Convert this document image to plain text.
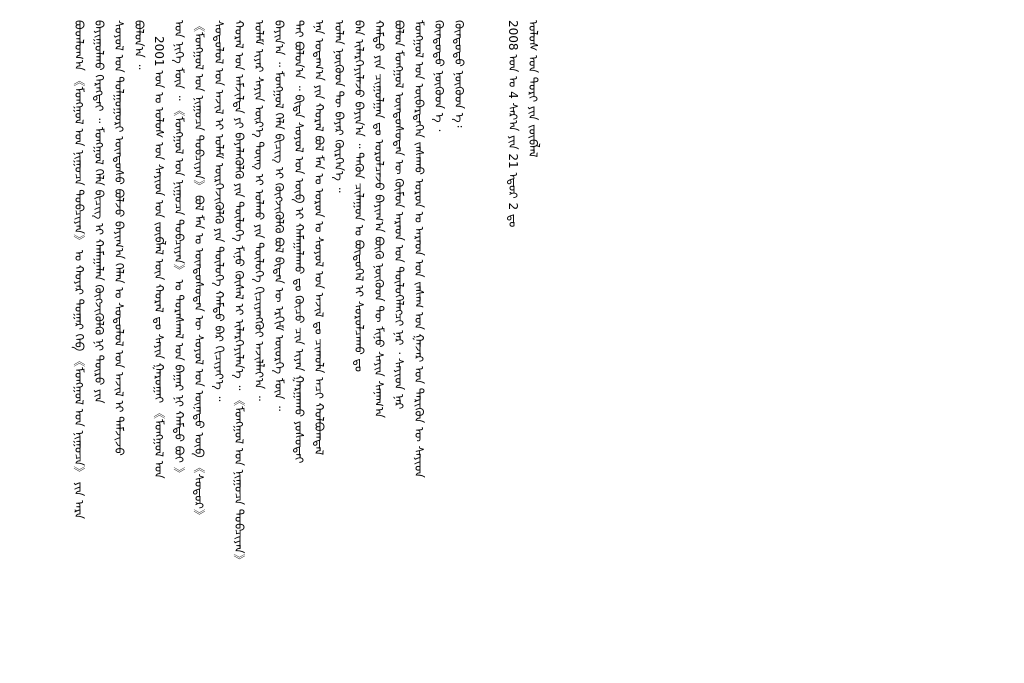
ᠤᠯᠤᠰ ᠤᠨ ᠲᠤᠷᠢ ᠶᠢᠨ ᠵᠦᠪᠯᠡᠯ
2008 ᠣᠨ ᠤ 4 ᠰᠠᠷ᠎ᠠ ᠶᠢᠨ 21 ᠡᠳᠦᠷ 2 ᠳᠤ
ᠬᠦᠨᠳᠦᠲᠦ ᠨᠥᠬᠦᠳ ᠡ᠄
ᠬᠦᠨᠳᠦᠲᠦ ᠨᠥᠬᠦᠳ ᠡ ᠂
ᠮᠣᠩᠭᠣᠯ ᠤᠨ ᠥᠪᠡᠷᠲᠡᠭᠡᠨ ᠵᠠᠰᠠᠬᠤ ᠣᠷᠣᠨ ᠤ ᠠᠷᠠᠳ ᠤᠨ ᠵᠠᠰᠠᠭ ᠤᠨ ᠭᠠᠵᠠᠷ ᠤᠨ ᠲᠡᠷᠢᠭᠦᠨ ᠦ ᠰᠠᠶᠢᠳ
ᠪᠣᠯᠤᠨ ᠮᠣᠩᠭᠣᠯ ᠦᠨᠳᠦᠰᠦᠲᠡᠨ ᠦ ᠬᠦᠮᠦᠨ ᠠᠷᠠᠳ ᠤᠨ ᠲᠥᠯᠥᠭᠡᠯᠡᠭᠴᠢ ᠨᠠᠷ ᠂ ᠰᠠᠶᠢᠳ ᠨᠠᠷ
ᠬᠠᠮᠲᠤ ᠶᠢᠨ ᠴᠢᠭᠤᠯᠭᠠᠨ ᠳᠤ ᠣᠷᠣᠯᠴᠠᠵᠤ ᠪᠠᠶᠢᠭ᠎ᠠ ᠪᠦᠬᠦ ᠨᠥᠬᠥᠳ ᠲᠦ ᠮᠢᠨᠤ ᠰᠠᠶᠢᠨ ᠰᠠᠨᠠᠭ᠎ᠠ
ᠪᠠᠨ ᠢᠯᠡᠷᠬᠡᠶᠢᠯᠡᠵᠦ ᠪᠠᠶᠢᠨ᠎ᠠ ᠃ ᠲᠡᠭᠦᠨ ᠴᠢᠯᠠᠭᠤᠨ ᠤ ᠪᠦᠲᠦᠭᠡᠯ ᠢ ᠰᠤᠷᠤᠯᠴᠠᠬᠤ ᠳᠤ
ᠣᠯᠠᠨ ᠨᠥᠬᠥᠳ ᠲᠦ ᠪᠠᠶᠠᠷ ᠬᠦᠷᠭᠡᠨ᠎ᠡ ᠃
ᠡᠨᠡ ᠤᠳᠠᠭ᠎ᠠ ᠶᠢᠨ ᠬᠤᠷᠠᠯ ᠪᠣᠯ ᠮᠠᠨ ᠤ ᠣᠷᠣᠨ ᠤ ᠰᠤᠶᠤᠯ ᠤᠨ ᠠᠵᠢᠯ ᠳᠤ ᠴᠢᠬᠤᠯᠠ ᠠᠴᠢ ᠬᠣᠯᠪᠣᠭᠳᠠᠯ
ᠲᠠᠢ ᠪᠣᠯᠤᠨ᠎ᠠ ᠃ ᠪᠢᠳᠡ ᠰᠤᠶᠤᠯ ᠤᠨ ᠥᠪ ᠢ ᠬᠠᠮᠠᠭᠠᠯᠠᠬᠤ ᠳᠤ ᠬᠦᠴᠦ ᠴᠢᠨ ᠢᠶᠡᠨ ᠭᠠᠷᠭᠠᠬᠤ ᠶᠣᠰᠣᠲᠠᠢ
ᠪᠠᠶᠢᠨ᠎ᠠ ᠃ ᠮᠣᠩᠭᠣᠯ ᠬᠡᠯᠡ ᠪᠢᠴᠢᠭ ᠢ ᠬᠥᠭᠵᠢᠭᠦᠯᠬᠦ ᠪᠣᠯ ᠪᠢᠳᠡᠨ ᠦ ᠡᠷᠬᠢᠮ ᠦᠦᠷᠭᠡ ᠮᠥᠨ ᠃
ᠤᠯᠠᠮ ᠢᠶᠠᠷ ᠰᠠᠶᠢᠨ ᠦᠷ᠎ᠡ ᠳᠦᠩ ᠢ ᠣᠯᠬᠤ ᠶᠢᠨ ᠲᠥᠯᠥᠭᠡ ᠬᠢᠴᠢᠶᠡᠩᠭᠦᠢ ᠠᠵᠢᠯᠯᠠᠶ᠎ᠠ ᠃
ᠬᠤᠷᠠᠯ ᠤᠨ ᠠᠮᠵᠢᠯᠲᠠ ᠶᠢ ᠪᠡᠶᠡᠯᠡᠭᠦᠯᠬᠦ ᠶᠢᠨ ᠲᠥᠯᠥᠭᠡ ᠮᠢᠨᠤ ᠬᠦᠰᠡᠯ ᠢ ᠢᠯᠡᠷᠬᠡᠶᠢᠯᠡᠨ᠎ᠡ ᠃ 《ᠮᠣᠩᠭᠣᠯ ᠤᠨ ᠨᠢᠭᠤᠴᠠ ᠲᠣᠪᠴᠢᠶᠠᠨ》
ᠰᠤᠳᠤᠯᠤᠯ ᠤᠨ ᠠᠵᠢᠯ ᠢ ᠤᠯᠠᠮ ᠥᠷᠭᠡᠵᠢᠭᠦᠯᠬᠦ ᠶᠢᠨ ᠲᠥᠯᠥᠭᠡ ᠬᠠᠮᠲᠤ ᠪᠡᠷ ᠬᠢᠴᠢᠶᠡᠶ᠎ᠡ ᠃
《ᠮᠣᠩᠭᠣᠯ ᠤᠨ ᠨᠢᠭᠤᠴᠠ ᠲᠣᠪᠴᠢᠶᠠᠨ》 ᠪᠣᠯ ᠮᠠᠨ ᠤ ᠦᠨᠳᠦᠰᠦᠲᠡᠨ ᠦ ᠰᠣᠶᠣᠯ ᠤᠨ ᠦᠨᠡᠲᠦ ᠥᠪ 《ᠰᠤᠳᠤᠷ》
ᠤᠨ ᠨᠢᠭᠡ ᠮᠥᠨ ᠃ 《ᠮᠣᠩᠭᠣᠯ ᠤᠨ ᠨᠢᠭᠤᠴᠠ ᠲᠣᠪᠴᠢᠶᠠᠨ》 ᠤ ᠳᠤᠷᠠᠰᠬᠠᠯ ᠤᠨ ᠪᠠᠭᠠᠷ ᠨᠢ ᠬᠠᠮᠲᠤ ᠪᠤᠢ 》
2001 ᠣᠨ ᠤ ᠤᠯᠤᠰ ᠤᠨ ᠰᠠᠶᠢᠳ ᠤᠨ ᠵᠥᠪᠯᠡᠯ ᠦᠨ ᠬᠤᠷᠠᠯ ᠳᠤ ᠰᠠᠶᠢᠨ ᠭᠠᠷᠤᠭᠠᠢ 《ᠮᠣᠩᠭᠣᠯ ᠤᠨ
ᠪᠣᠯᠤᠨ᠎ᠠ ᠃
ᠰᠤᠶᠤᠯ ᠤᠨ ᠲᠤᠯᠭᠤᠭᠤᠷᠢ ᠦᠨᠳᠦᠰᠦ ᠪᠣᠯᠵᠤ ᠪᠠᠶᠢᠭ᠎ᠠ ᠬᠡᠯᠡᠨ ᠤ ᠰᠤᠳᠤᠯᠤᠯ ᠤᠨ ᠠᠵᠢᠯ ᠢ ᠳᠡᠮᠵᠢᠵᠦ
ᠪᠠᠶᠢᠭᠤᠯᠬᠤ ᠬᠡᠷᠡᠭᠲᠡᠢ ᠃ ᠮᠣᠩᠭᠣᠯ ᠬᠡᠯᠡ ᠪᠢᠴᠢᠭ ᠢ ᠬᠠᠮᠠᠭᠠᠯᠠᠨ ᠬᠥᠭᠵᠢᠭᠦᠯᠬᠦ ᠨᠢ ᠲᠥᠷᠥ ᠶᠢᠨ
ᠪᠣᠳᠯᠣᠭ᠎ᠠ 《ᠮᠣᠩᠭᠣᠯ ᠤᠨ ᠨᠢᠭᠤᠴᠠ ᠲᠣᠪᠴᠢᠶᠠᠨ》 ᠤ ᠬᠣᠶᠠᠷ ᠳᠤᠭᠠᠷ ᠬᠡᠪ 《ᠮᠣᠩᠭᠣᠯ ᠤᠨ ᠨᠢᠭᠤᠴᠠ》 ᠶᠢᠨ ᠠᠷᠠ
